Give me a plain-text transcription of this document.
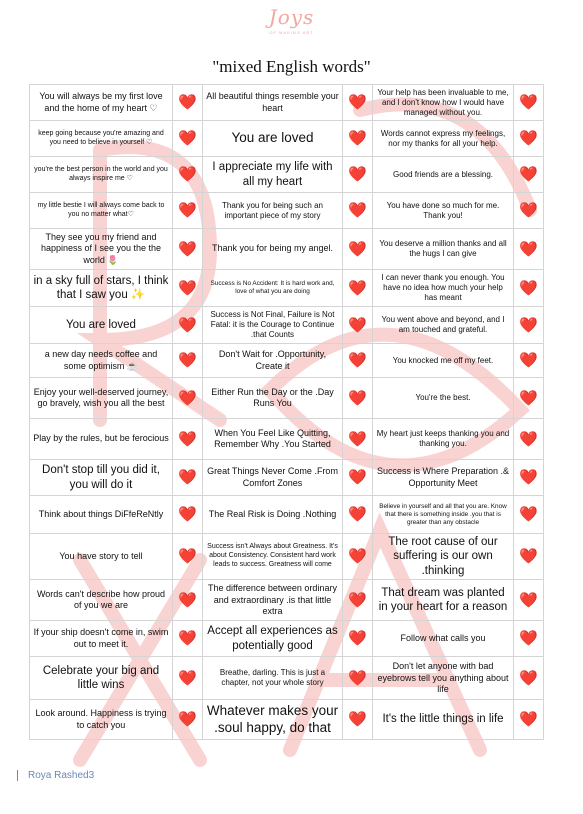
Joys
OF MAKING ART
"mixed English words"
You will always be my first love and the home of my heart ♡	❤️	All beautiful things resemble your heart	❤️	Your help has been invaluable to me, and I don't know how I would have managed without you.	❤️
keep going because you're amazing and you need to believe in yourself ♡	❤️	You are loved	❤️	Words cannot express my feelings, nor my thanks for all your help.	❤️
you're the best person in the world and you always inspire me ♡	❤️	I appreciate my life with all my heart	❤️	Good friends are a blessing.	❤️
my little bestie I will always come back to you no matter what♡	❤️	Thank you for being such an important piece of my story	❤️	You have done so much for me. Thank you!	❤️
They see you my friend and happiness of I see you the the world 🌷	❤️	Thank you for being my angel.	❤️	You deserve a million thanks and all the hugs I can give	❤️
in a sky full of stars, I think that I saw you ✨	❤️	Success is No Accident: It is hard work and, love of what you are doing	❤️	I can never thank you enough. You have no idea how much your help has meant	❤️
You are loved	❤️	Success is Not Final, Failure is Not Fatal: it is the Courage to Continue .that Counts	❤️	You went above and beyond, and I am touched and grateful.	❤️
a new day needs coffee and some optimism ☕	❤️	Don't Wait for .Opportunity, Create it	❤️	You knocked me off my feet.	❤️
Enjoy your well-deserved journey, go bravely, wish you all the best	❤️	Either Run the Day or the .Day Runs You	❤️	You're the best.	❤️
Play by the rules, but be ferocious	❤️	When You Feel Like Quitting, Remember Why .You Started	❤️	My heart just keeps thanking you and thanking you.	❤️
Don't stop till you did it, you will do it	❤️	Great Things Never Come .From Comfort Zones	❤️	Success is Where Preparation .& Opportunity Meet	❤️
Think about things DiFfeReNtly	❤️	The Real Risk is Doing .Nothing	❤️	Believe in yourself and all that you are. Know that there is something inside .you that is greater than any obstacle	❤️
You have story to tell	❤️	Success isn't Always about Greatness. It's about Consistency. Consistent hard work leads to success. Greatness will come	❤️	The root cause of our suffering is our own .thinking	❤️
Words can't describe how proud of you we are	❤️	The difference between ordinary and extraordinary .is that little extra	❤️	That dream was planted in your heart for a reason	❤️
If your ship doesn't come in, swim out to meet it.	❤️	Accept all experiences as potentially good	❤️	Follow what calls you	❤️
Celebrate your big and little wins	❤️	Breathe, darling. This is just a chapter, not your whole story	❤️	Don't let anyone with bad eyebrows tell you anything about life	❤️
Look around. Happiness is trying to catch you	❤️	Whatever makes your .soul happy, do that	❤️	It's the little things in life	❤️
Roya Rashed3
